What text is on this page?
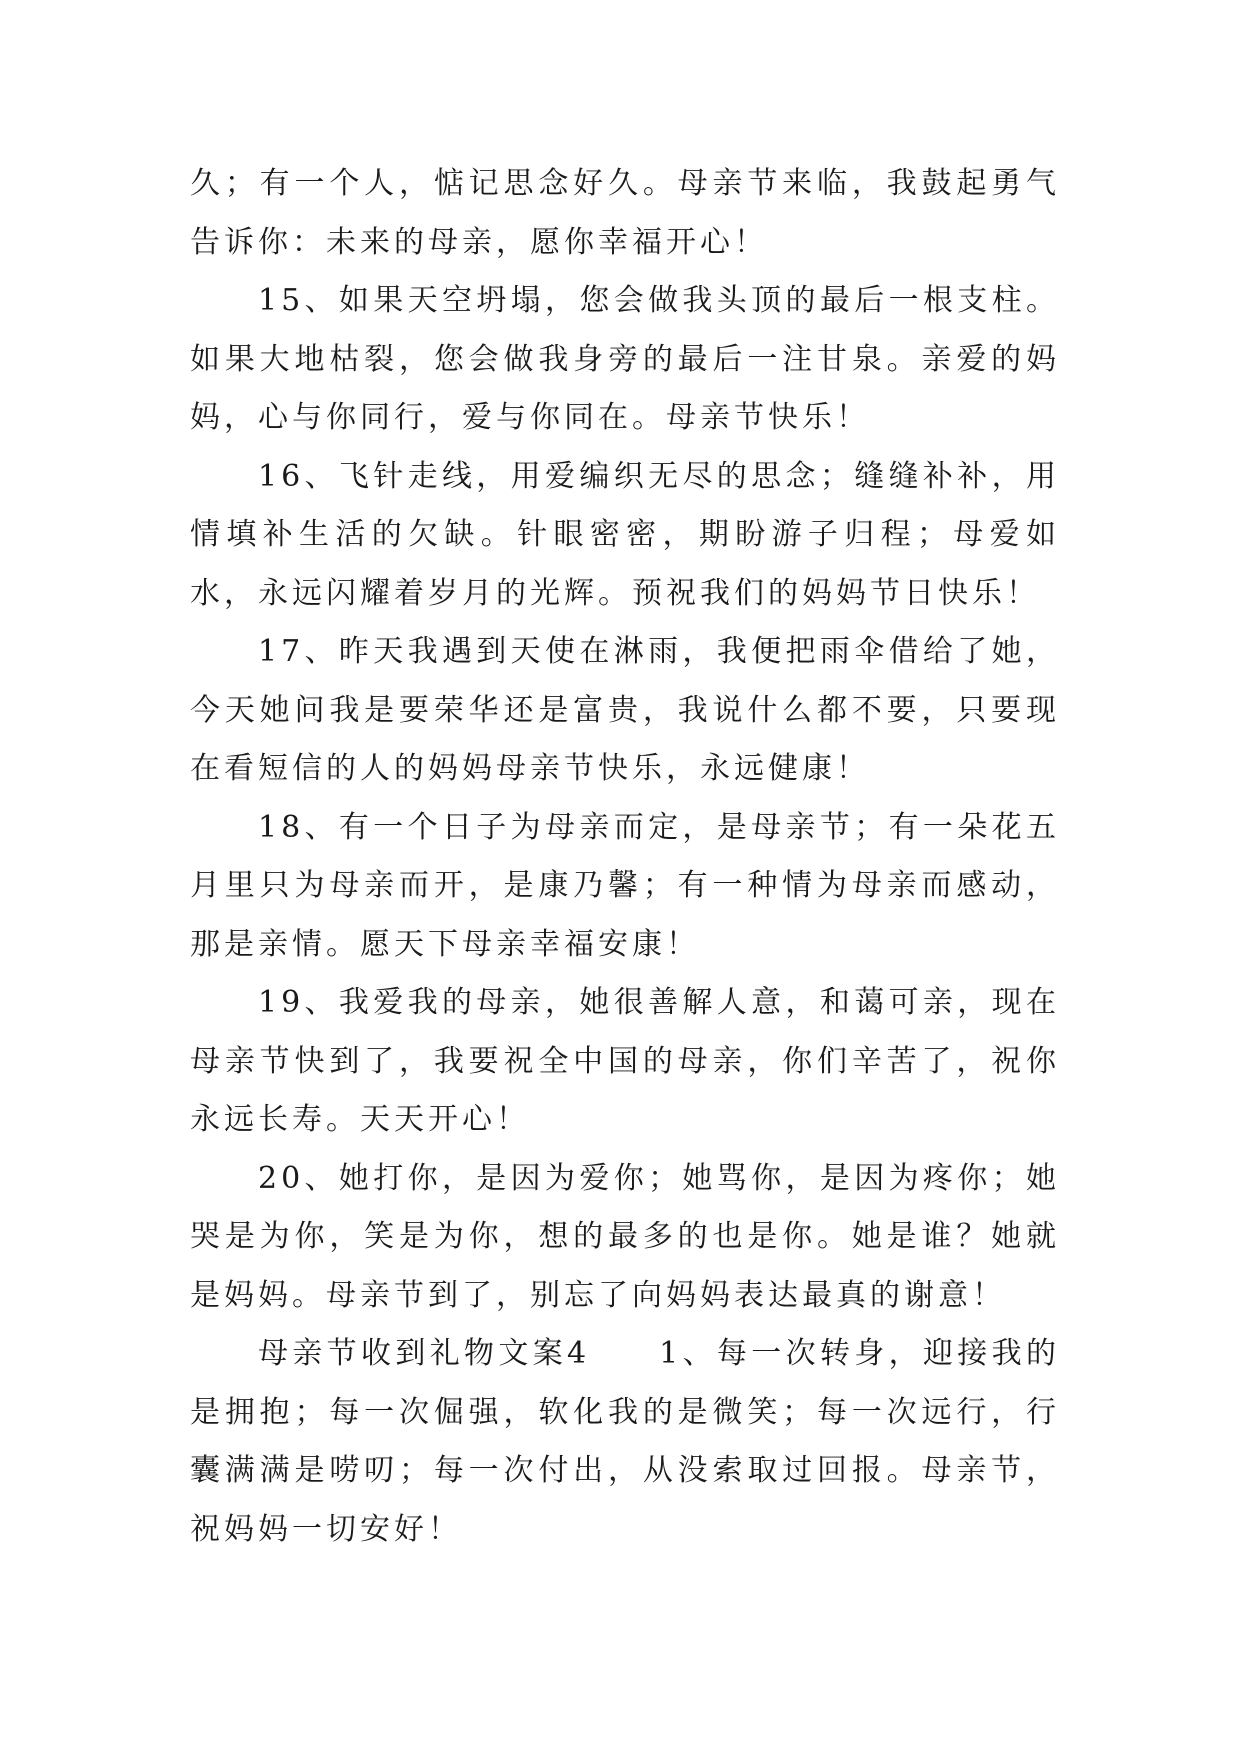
久；有一个人，惦记思念好久。母亲节来临，我鼓起勇气告诉你：未来的母亲，愿你幸福开心！

15、如果天空坍塌，您会做我头顶的最后一根支柱。如果大地枯裂，您会做我身旁的最后一注甘泉。亲爱的妈妈，心与你同行，爱与你同在。母亲节快乐！

16、飞针走线，用爱编织无尽的思念；缝缝补补，用情填补生活的欠缺。针眼密密，期盼游子归程；母爱如水，永远闪耀着岁月的光辉。预祝我们的妈妈节日快乐！

17、昨天我遇到天使在淋雨，我便把雨伞借给了她，今天她问我是要荣华还是富贵，我说什么都不要，只要现在看短信的人的妈妈母亲节快乐，永远健康！

18、有一个日子为母亲而定，是母亲节；有一朵花五月里只为母亲而开，是康乃馨；有一种情为母亲而感动，那是亲情。愿天下母亲幸福安康！

19、我爱我的母亲，她很善解人意，和蔼可亲，现在母亲节快到了，我要祝全中国的母亲，你们辛苦了，祝你永远长寿。天天开心！

20、她打你，是因为爱你；她骂你，是因为疼你；她哭是为你，笑是为你，想的最多的也是你。她是谁？她就是妈妈。母亲节到了，别忘了向妈妈表达最真的谢意！

母亲节收到礼物文案4　　1、每一次转身，迎接我的是拥抱；每一次倔强，软化我的是微笑；每一次远行，行囊满满是唠叨；每一次付出，从没索取过回报。母亲节，祝妈妈一切安好！
